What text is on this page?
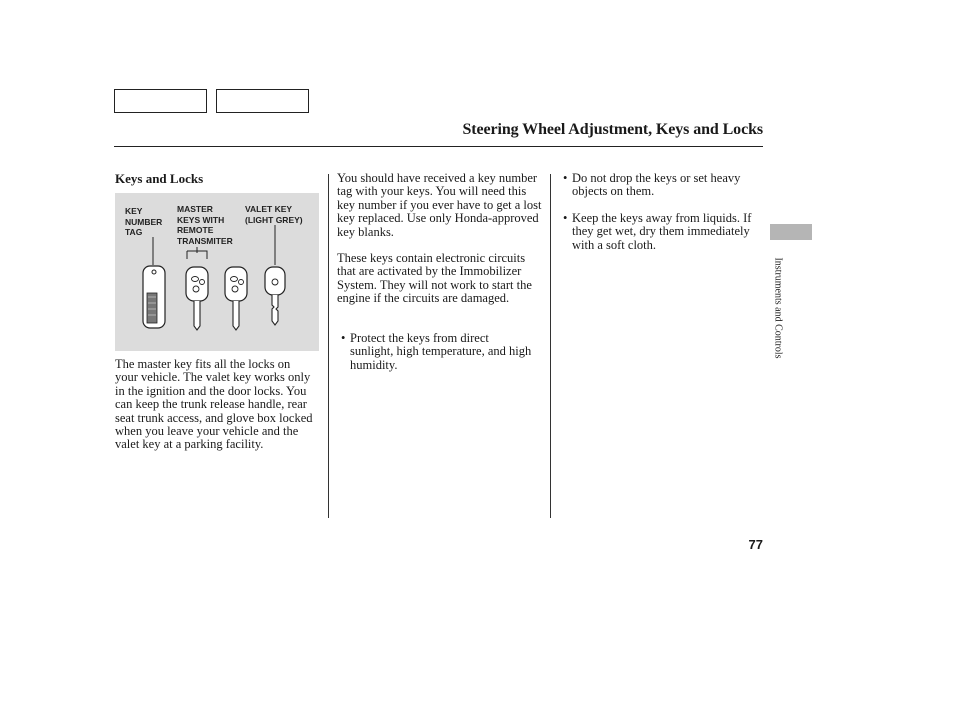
Steering Wheel Adjustment, Keys and Locks
Keys and Locks
KEY
NUMBER
TAG
MASTER
KEYS WITH
REMOTE
TRANSMITER
VALET KEY
(LIGHT GREY)
The master key fits all the locks on your vehicle. The valet key works only in the ignition and the door locks. You can keep the trunk release handle, rear seat trunk access, and glove box locked when you leave your vehicle and the valet key at a parking facility.
You should have received a key number tag with your keys. You will need this key number if you ever have to get a lost key replaced. Use only Honda-approved key blanks.
These keys contain electronic circuits that are activated by the Immobilizer System. They will not work to start the engine if the circuits are damaged.
• Protect the keys from direct sunlight, high temperature, and high humidity.
• Do not drop the keys or set heavy objects on them.
• Keep the keys away from liquids. If they get wet, dry them immediately with a soft cloth.
Instruments and Controls
77
